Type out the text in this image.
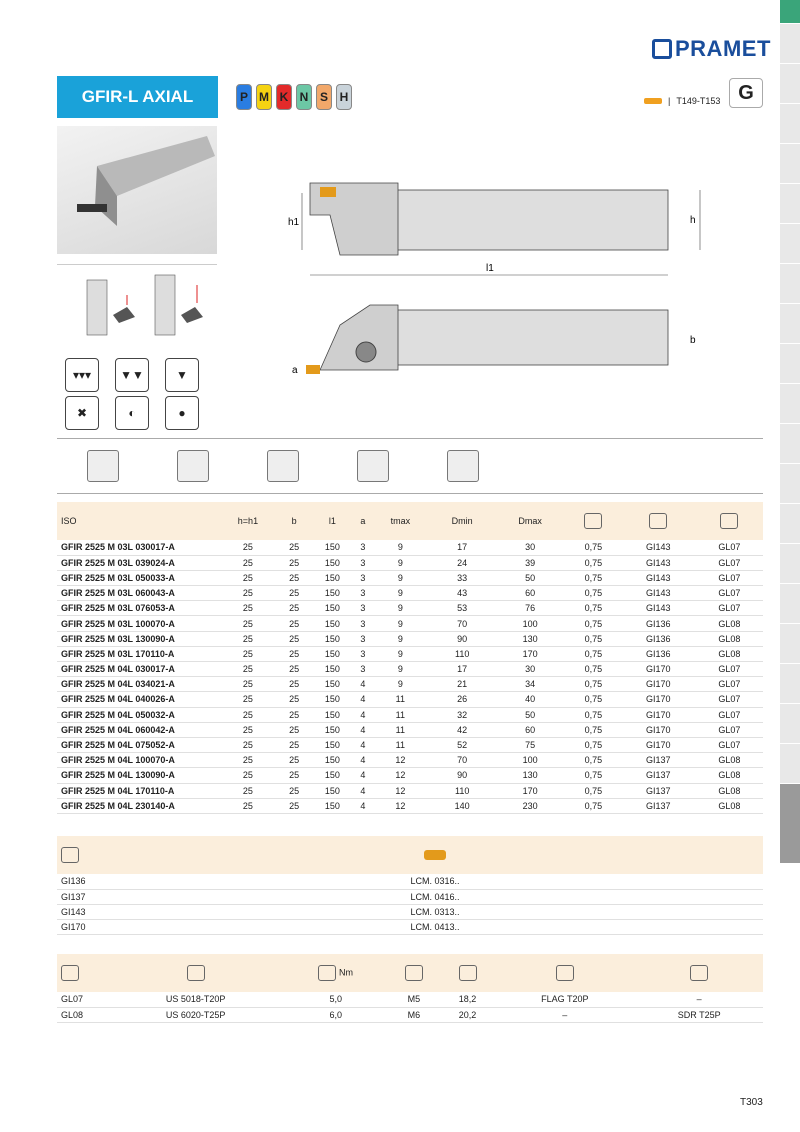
PRAMET
GFIR-L AXIAL	P M K N S H	| T149-T153 G
▾▾▾	▼▼	▼
✖	◐	●
h
h1
l1
b
a
ISO	h=h1	b	l1	a	tmax	Dmin	Dmax			
GFIR 2525 M 03L 030017-A	25	25	150	3	9	17	30	0,75	GI143	GL07
GFIR 2525 M 03L 039024-A	25	25	150	3	9	24	39	0,75	GI143	GL07
GFIR 2525 M 03L 050033-A	25	25	150	3	9	33	50	0,75	GI143	GL07
GFIR 2525 M 03L 060043-A	25	25	150	3	9	43	60	0,75	GI143	GL07
GFIR 2525 M 03L 076053-A	25	25	150	3	9	53	76	0,75	GI143	GL07
GFIR 2525 M 03L 100070-A	25	25	150	3	9	70	100	0,75	GI136	GL08
GFIR 2525 M 03L 130090-A	25	25	150	3	9	90	130	0,75	GI136	GL08
GFIR 2525 M 03L 170110-A	25	25	150	3	9	110	170	0,75	GI136	GL08
GFIR 2525 M 04L 030017-A	25	25	150	3	9	17	30	0,75	GI170	GL07
GFIR 2525 M 04L 034021-A	25	25	150	4	9	21	34	0,75	GI170	GL07
GFIR 2525 M 04L 040026-A	25	25	150	4	11	26	40	0,75	GI170	GL07
GFIR 2525 M 04L 050032-A	25	25	150	4	11	32	50	0,75	GI170	GL07
GFIR 2525 M 04L 060042-A	25	25	150	4	11	42	60	0,75	GI170	GL07
GFIR 2525 M 04L 075052-A	25	25	150	4	11	52	75	0,75	GI170	GL07
GFIR 2525 M 04L 100070-A	25	25	150	4	12	70	100	0,75	GI137	GL08
GFIR 2525 M 04L 130090-A	25	25	150	4	12	90	130	0,75	GI137	GL08
GFIR 2525 M 04L 170110-A	25	25	150	4	12	110	170	0,75	GI137	GL08
GFIR 2525 M 04L 230140-A	25	25	150	4	12	140	230	0,75	GI137	GL08

GI136	LCM. 0316..
GI137	LCM. 0416..
GI143	LCM. 0313..
GI170	LCM. 0413..
		Nm				
GL07	US 5018-T20P	5,0	M5	18,2	FLAG T20P	–
GL08	US 6020-T25P	6,0	M6	20,2	–	SDR T25P
T303
